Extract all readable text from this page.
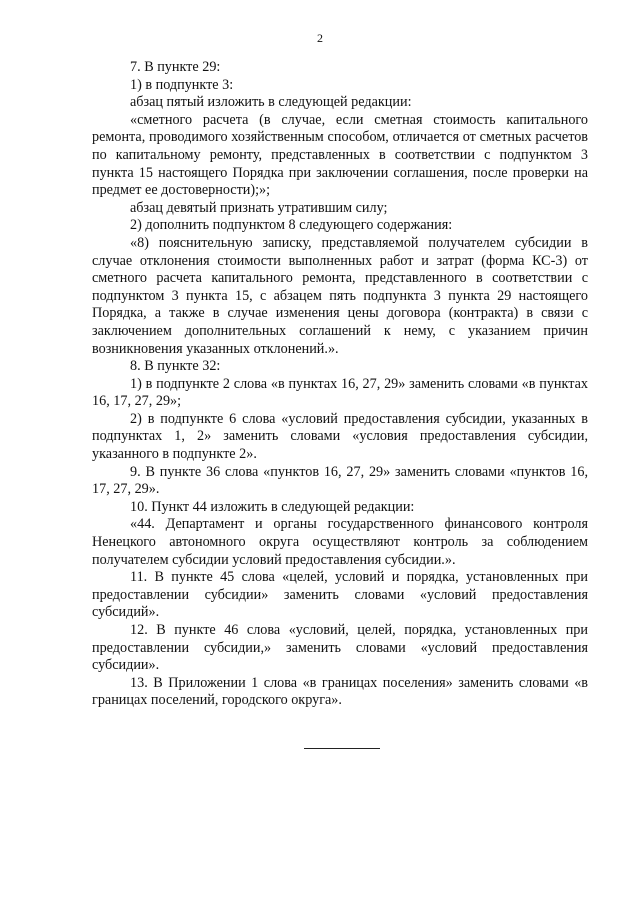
2

7. В пункте 29:

1) в подпункте 3:

абзац пятый изложить в следующей редакции:

«сметного расчета (в случае, если сметная стоимость капитального ремонта, проводимого хозяйственным способом, отличается от сметных расчетов по капитальному ремонту, представленных в соответствии с подпунктом 3 пункта 15 настоящего Порядка при заключении соглашения, после проверки на предмет ее достоверности);»;

абзац девятый признать утратившим силу;

2) дополнить подпунктом 8 следующего содержания:

«8) пояснительную записку, представляемой получателем субсидии в случае отклонения стоимости выполненных работ и затрат (форма КС-3) от сметного расчета капитального ремонта, представленного в соответствии с подпунктом 3 пункта 15, с абзацем пять подпункта 3 пункта 29 настоящего Порядка, а также в случае изменения цены договора (контракта) в связи с заключением дополнительных соглашений к нему, с указанием причин возникновения указанных отклонений.».

8. В пункте 32:

1) в подпункте 2 слова «в пунктах 16, 27, 29» заменить словами «в пунктах 16, 17, 27, 29»;

2) в подпункте 6 слова «условий предоставления субсидии, указанных в подпунктах 1, 2» заменить словами «условия предоставления субсидии, указанного в подпункте 2».

9. В пункте 36 слова «пунктов 16, 27, 29» заменить словами «пунктов 16, 17, 27, 29».

10. Пункт 44 изложить в следующей редакции:

«44. Департамент и органы государственного финансового контроля Ненецкого автономного округа осуществляют контроль за соблюдением получателем субсидии условий предоставления субсидии.».

11. В пункте 45 слова «целей, условий и порядка, установленных при предоставлении субсидии» заменить словами «условий предоставления субсидий».

12. В пункте 46 слова «условий, целей, порядка, установленных при предоставлении субсидии,» заменить словами «условий предоставления субсидии».

13. В Приложении 1 слова «в границах поселения» заменить словами «в границах поселений, городского округа».
